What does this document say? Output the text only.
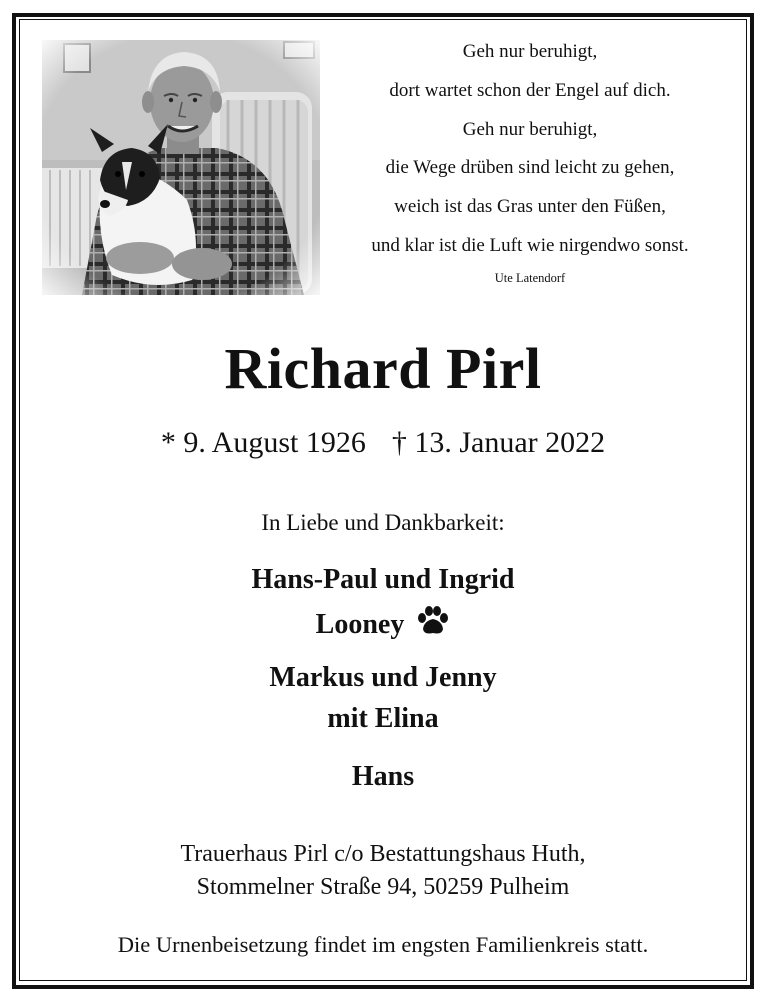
Geh nur beruhigt,
dort wartet schon der Engel auf dich.
Geh nur beruhigt,
die Wege drüben sind leicht zu gehen,
weich ist das Gras unter den Füßen,
und klar ist die Luft wie nirgendwo sonst.
Ute Latendorf
Richard Pirl
* 9. August 1926 † 13. Januar 2022
In Liebe und Dankbarkeit:
Hans-Paul und Ingrid
Looney
Markus und Jenny
mit Elina
Hans
Trauerhaus Pirl c/o Bestattungshaus Huth,
Stommelner Straße 94, 50259 Pulheim
Die Urnenbeisetzung findet im engsten Familienkreis statt.
